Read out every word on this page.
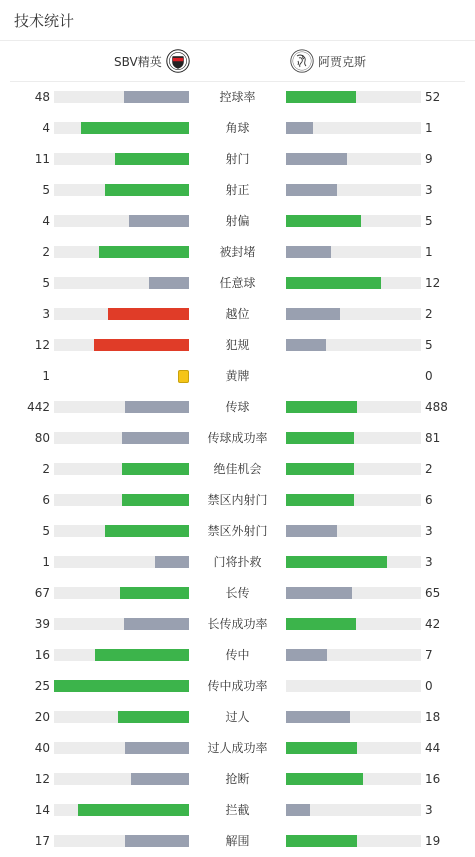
技术统计
SBV精英	阿贾克斯
48	控球率	52
4	角球	1
11	射门	9
5	射正	3
4	射偏	5
2	被封堵	1
5	任意球	12
3	越位	2
12	犯规	5
1	黄牌	0
442	传球	488
80	传球成功率	81
2	绝佳机会	2
6	禁区内射门	6
5	禁区外射门	3
1	门将扑救	3
67	长传	65
39	长传成功率	42
16	传中	7
25	传中成功率	0
20	过人	18
40	过人成功率	44
12	抢断	16
14	拦截	3
17	解围	19
